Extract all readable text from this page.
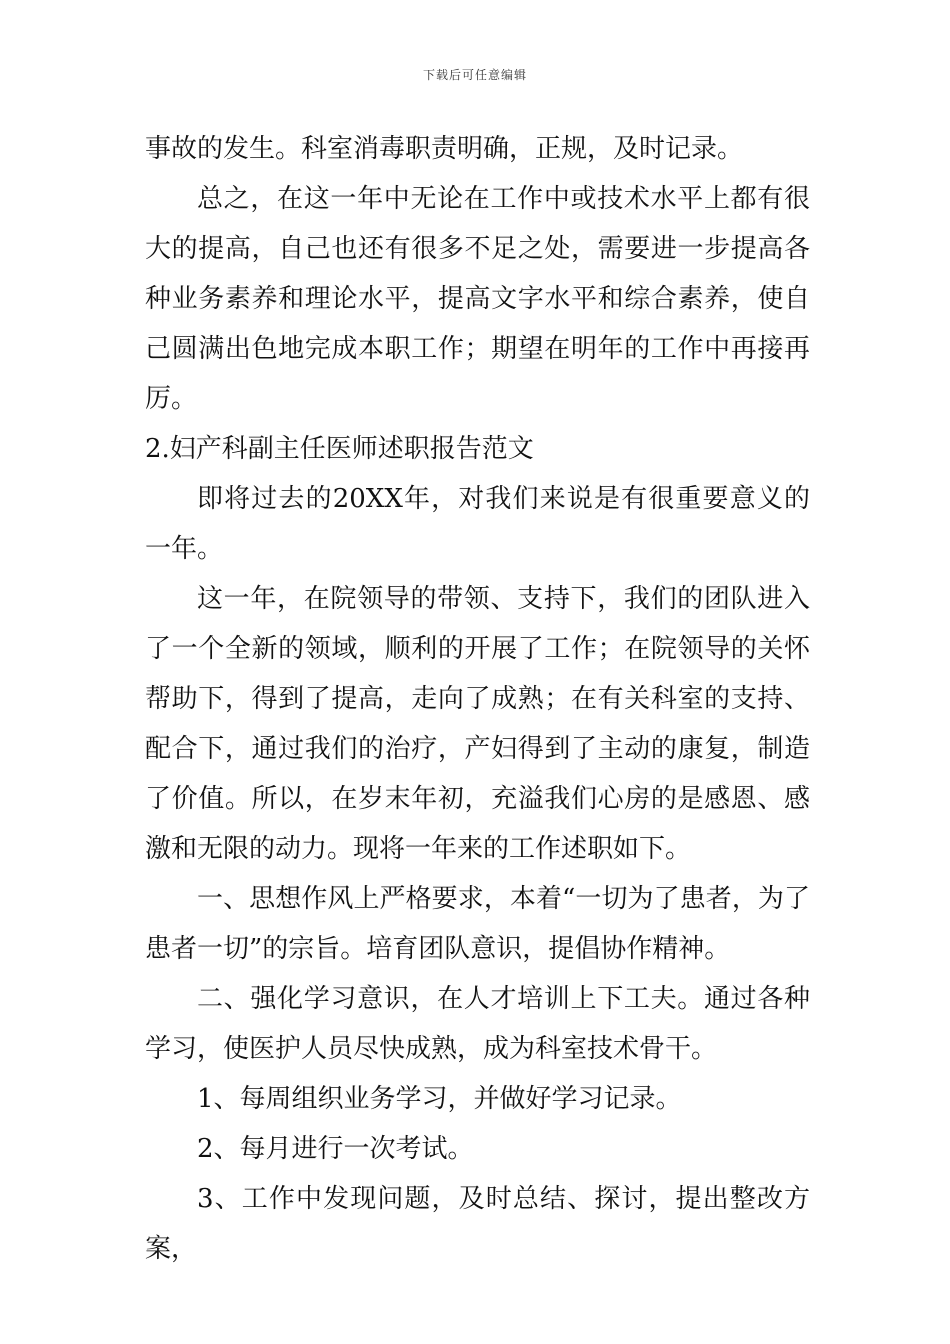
下载后可任意编辑

事故的发生。科室消毒职责明确，正规，及时记录。

总之，在这一年中无论在工作中或技术水平上都有很大的提高，自己也还有很多不足之处，需要进一步提高各种业务素养和理论水平，提高文字水平和综合素养，使自己圆满出色地完成本职工作；期望在明年的工作中再接再厉。

2.妇产科副主任医师述职报告范文

即将过去的20XX年，对我们来说是有很重要意义的一年。

这一年，在院领导的带领、支持下，我们的团队进入了一个全新的领域，顺利的开展了工作；在院领导的关怀帮助下，得到了提高，走向了成熟；在有关科室的支持、配合下，通过我们的治疗，产妇得到了主动的康复，制造了价值。所以，在岁末年初，充溢我们心房的是感恩、感激和无限的动力。现将一年来的工作述职如下。

一、思想作风上严格要求，本着“一切为了患者，为了患者一切”的宗旨。培育团队意识，提倡协作精神。

二、强化学习意识，在人才培训上下工夫。通过各种学习，使医护人员尽快成熟，成为科室技术骨干。

1、每周组织业务学习，并做好学习记录。

2、每月进行一次考试。

3、工作中发现问题，及时总结、探讨，提出整改方案，
